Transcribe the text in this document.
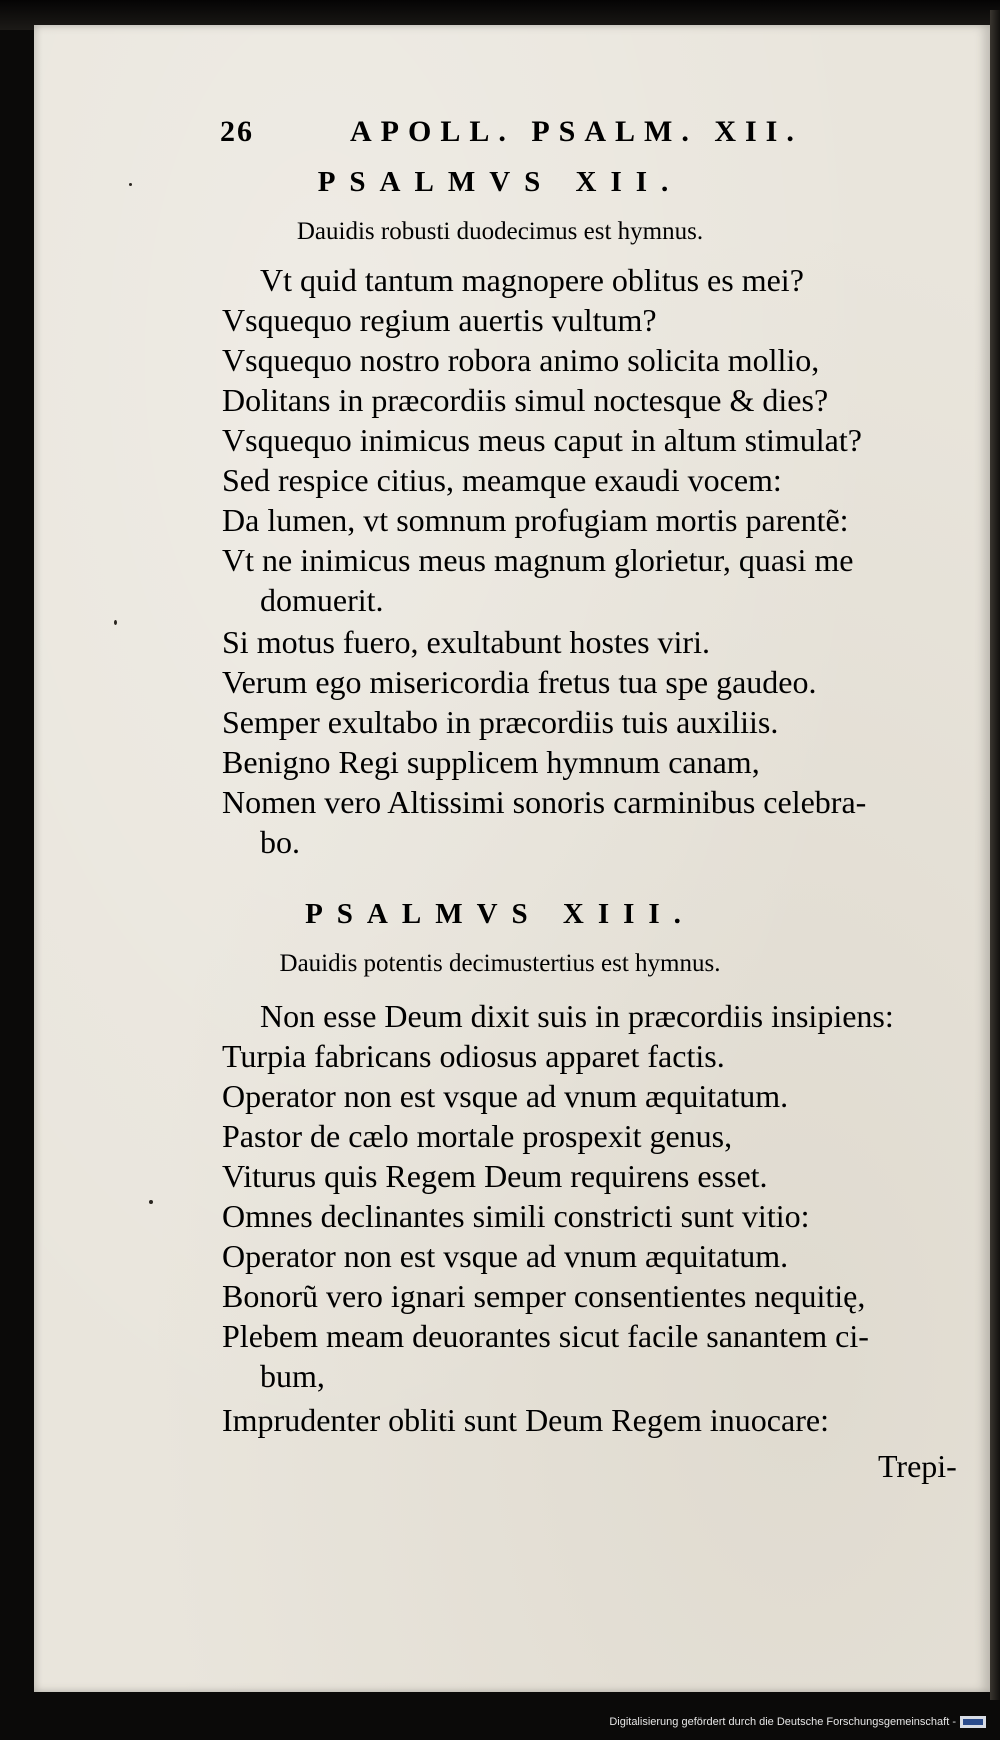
26	APOLL. PSALM. XII.
PSALMVS XII.
Dauidis robusti duodecimus est hymnus.
Vt quid tantum magnopere oblitus es mei?
Vsquequo regium auertis vultum?
Vsquequo nostro robora animo solicita mollio,
Dolitans in præcordiis simul noctesque & dies?
Vsquequo inimicus meus caput in altum stimulat?
Sed respice citius, meamque exaudi vocem:
Da lumen, vt somnum profugiam mortis parentẽ:
Vt ne inimicus meus magnum glorietur, quasi me
domuerit.
Si motus fuero, exultabunt hostes viri.
Verum ego misericordia fretus tua spe gaudeo.
Semper exultabo in præcordiis tuis auxiliis.
Benigno Regi supplicem hymnum canam,
Nomen vero Altissimi sonoris carminibus celebra-
bo.
PSALMVS XIII.
Dauidis potentis decimustertius est hymnus.
Non esse Deum dixit suis in præcordiis insipiens:
Turpia fabricans odiosus apparet factis.
Operator non est vsque ad vnum æquitatum.
Pastor de cælo mortale prospexit genus,
Viturus quis Regem Deum requirens esset.
Omnes declinantes simili constricti sunt vitio:
Operator non est vsque ad vnum æquitatum.
Bonorũ vero ignari semper consentientes nequitię,
Plebem meam deuorantes sicut facile sanantem ci-
bum,
Imprudenter obliti sunt Deum Regem inuocare:
Trepi-
Digitalisierung gefördert durch die Deutsche Forschungsgemeinschaft -
